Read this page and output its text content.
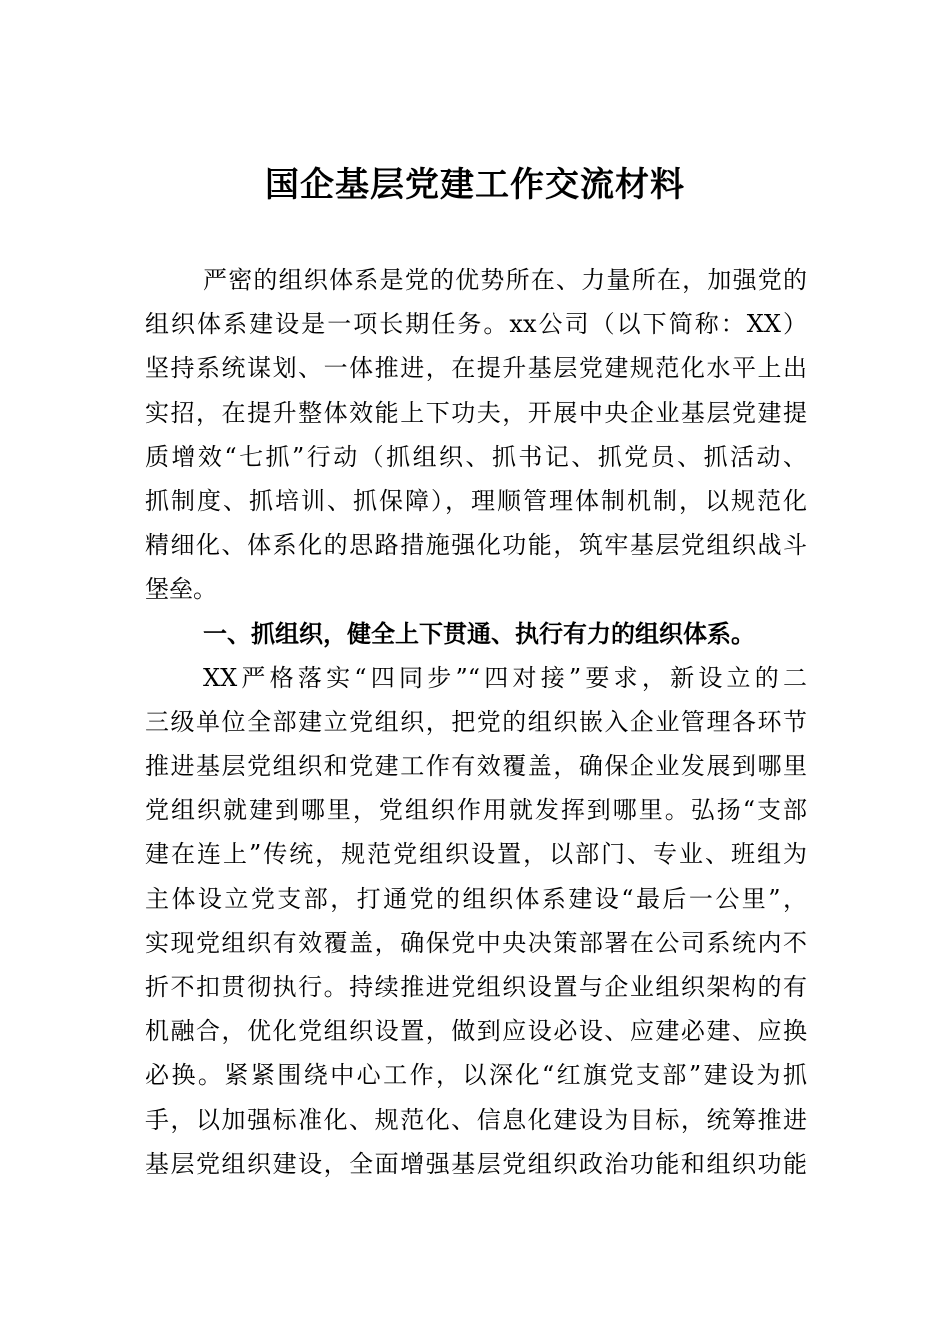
国企基层党建工作交流材料
严密的组织体系是党的优势所在、力量所在，加强党的
组织体系建设是一项长期任务。xx公司（以下简称：XX）
坚持系统谋划、一体推进，在提升基层党建规范化水平上出
实招，在提升整体效能上下功夫，开展中央企业基层党建提
质增效“七抓”行动（抓组织、抓书记、抓党员、抓活动、
抓制度、抓培训、抓保障），理顺管理体制机制，以规范化
精细化、体系化的思路措施强化功能，筑牢基层党组织战斗
堡垒。
一、抓组织，健全上下贯通、执行有力的组织体系。
XX严格落实“四同步”“四对接”要求，新设立的二
三级单位全部建立党组织，把党的组织嵌入企业管理各环节
推进基层党组织和党建工作有效覆盖，确保企业发展到哪里
党组织就建到哪里，党组织作用就发挥到哪里。弘扬“支部
建在连上”传统，规范党组织设置，以部门、专业、班组为
主体设立党支部，打通党的组织体系建设“最后一公里”，
实现党组织有效覆盖，确保党中央决策部署在公司系统内不
折不扣贯彻执行。持续推进党组织设置与企业组织架构的有
机融合，优化党组织设置，做到应设必设、应建必建、应换
必换。紧紧围绕中心工作，以深化“红旗党支部”建设为抓
手，以加强标准化、规范化、信息化建设为目标，统筹推进
基层党组织建设，全面增强基层党组织政治功能和组织功能
